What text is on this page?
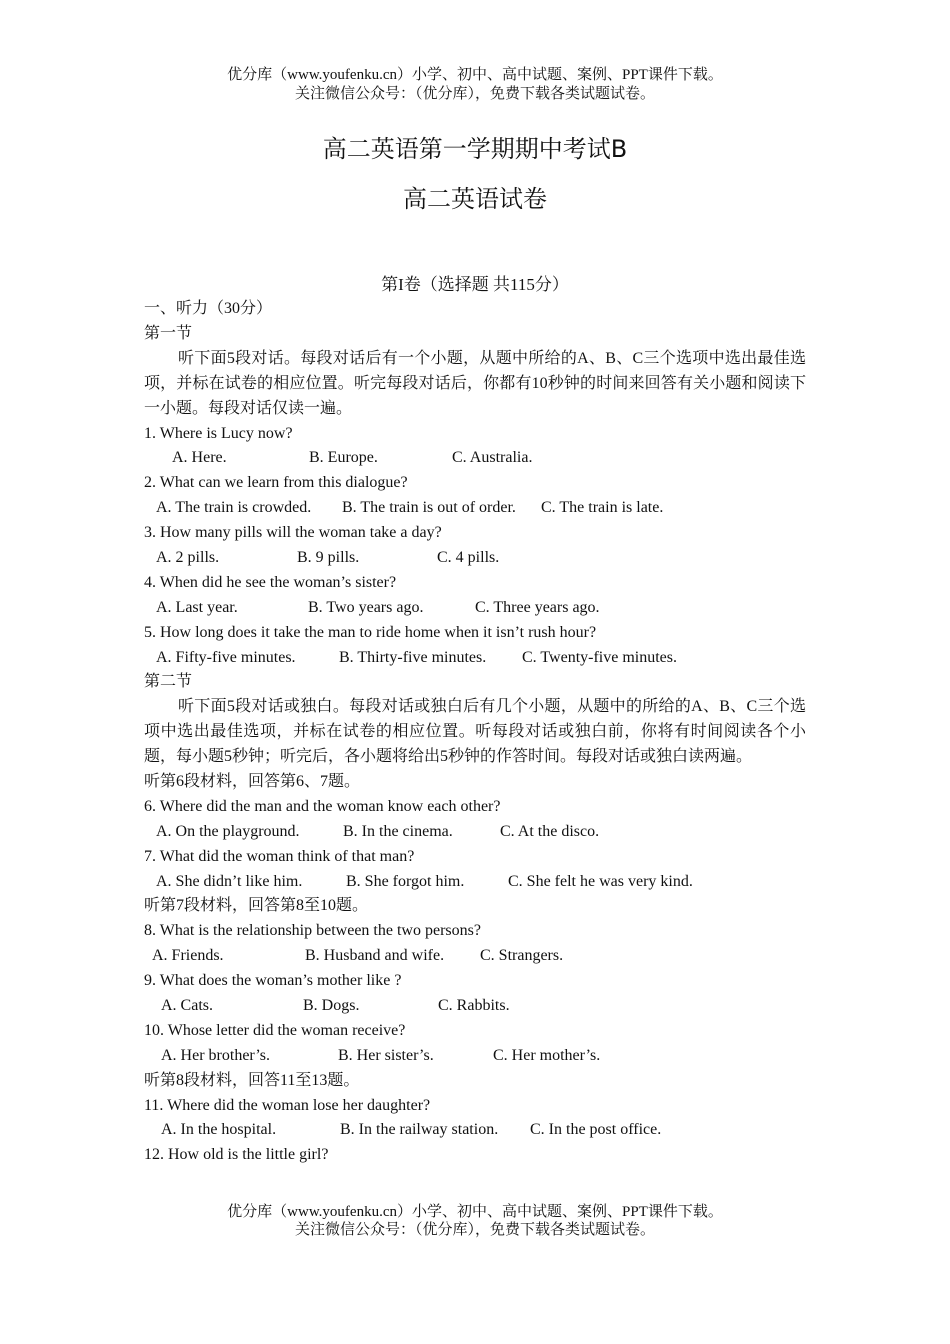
优分库（www.youfenku.cn）小学、初中、高中试题、案例、PPT课件下载。
关注微信公众号：（优分库），免费下载各类试题试卷。
高二英语第一学期期中考试B
高二英语试卷
第I卷（选择题 共115分）
一、听力（30分）
第一节
听下面5段对话。每段对话后有一个小题，从题中所给的A、B、C三个选项中选出最佳选项，并标在试卷的相应位置。听完每段对话后，你都有10秒钟的时间来回答有关小题和阅读下一小题。每段对话仅读一遍。
1. Where is Lucy now?
A. Here.	B. Europe.	C. Australia.
2. What can we learn from this dialogue?
A. The train is crowded.	B. The train is out of order.	C. The train is late.
3. How many pills will the woman take a day?
A. 2 pills.	B. 9 pills.	C. 4 pills.
4. When did he see the woman’s sister?
A. Last year.	B. Two years ago.	C. Three years ago.
5. How long does it take the man to ride home when it isn’t rush hour?
A. Fifty-five minutes.	B. Thirty-five minutes.	C. Twenty-five minutes.
第二节
听下面5段对话或独白。每段对话或独白后有几个小题，从题中的所给的A、B、C三个选项中选出最佳选项，并标在试卷的相应位置。听每段对话或独白前，你将有时间阅读各个小题，每小题5秒钟；听完后，各小题将给出5秒钟的作答时间。每段对话或独白读两遍。
听第6段材料，回答第6、7题。
6. Where did the man and the woman know each other?
A. On the playground.	B. In the cinema.	C. At the disco.
7. What did the woman think of that man?
A. She didn’t like him.	B. She forgot him.	C. She felt he was very kind.
听第7段材料，回答第8至10题。
8. What is the relationship between the two persons?
A. Friends.	B. Husband and wife.	C. Strangers.
9. What does the woman’s mother like ?
A. Cats.	B. Dogs.	C. Rabbits.
10. Whose letter did the woman receive?
A. Her brother’s.	B. Her sister’s.	C. Her mother’s.
听第8段材料，回答11至13题。
11. Where did the woman lose her daughter?
A. In the hospital.	B. In the railway station.	C. In the post office.
12. How old is the little girl?
优分库（www.youfenku.cn）小学、初中、高中试题、案例、PPT课件下载。
关注微信公众号：（优分库），免费下载各类试题试卷。
